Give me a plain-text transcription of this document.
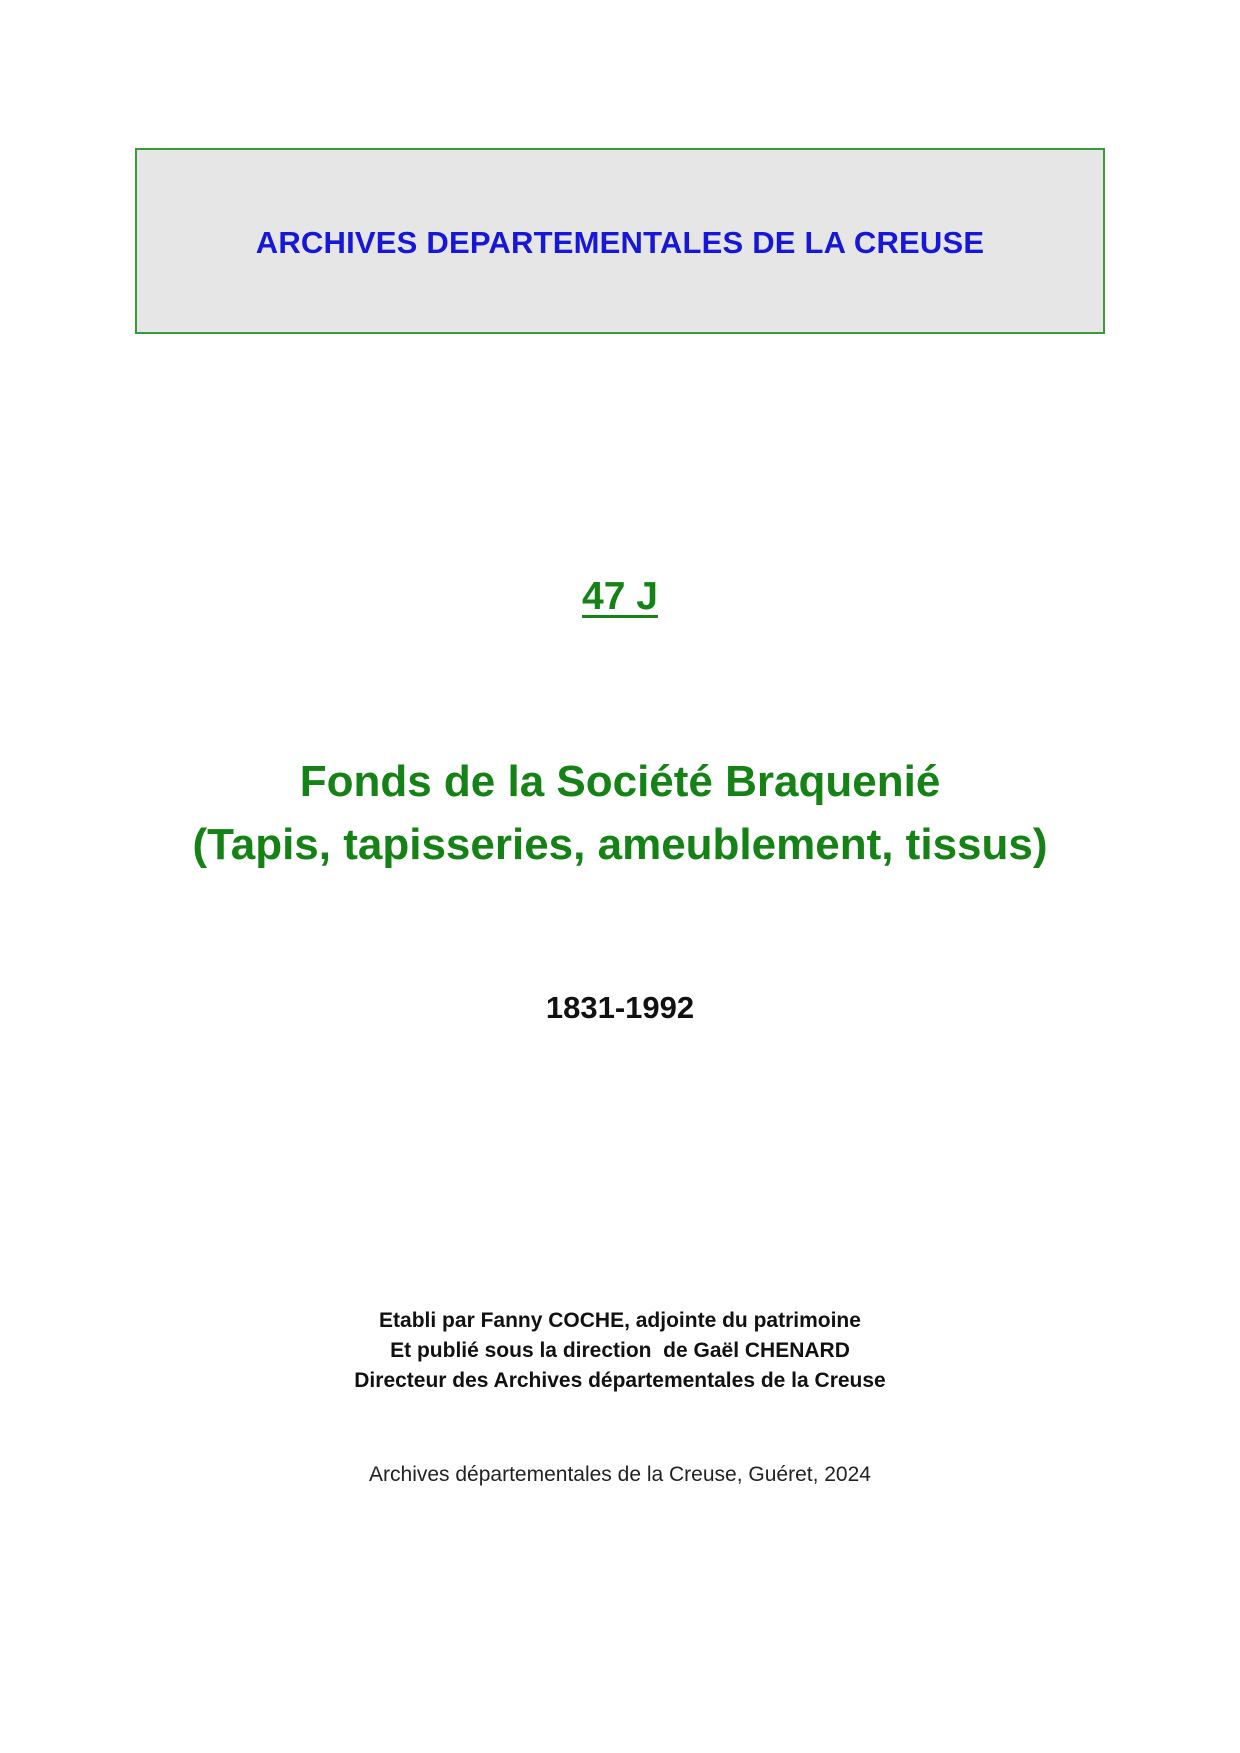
ARCHIVES DEPARTEMENTALES DE LA CREUSE
47 J
Fonds de la Société Braquenié
(Tapis, tapisseries, ameublement, tissus)
1831-1992
Etabli par Fanny COCHE, adjointe du patrimoine
Et publié sous la direction  de Gaël CHENARD
Directeur des Archives départementales de la Creuse
Archives départementales de la Creuse, Guéret, 2024
